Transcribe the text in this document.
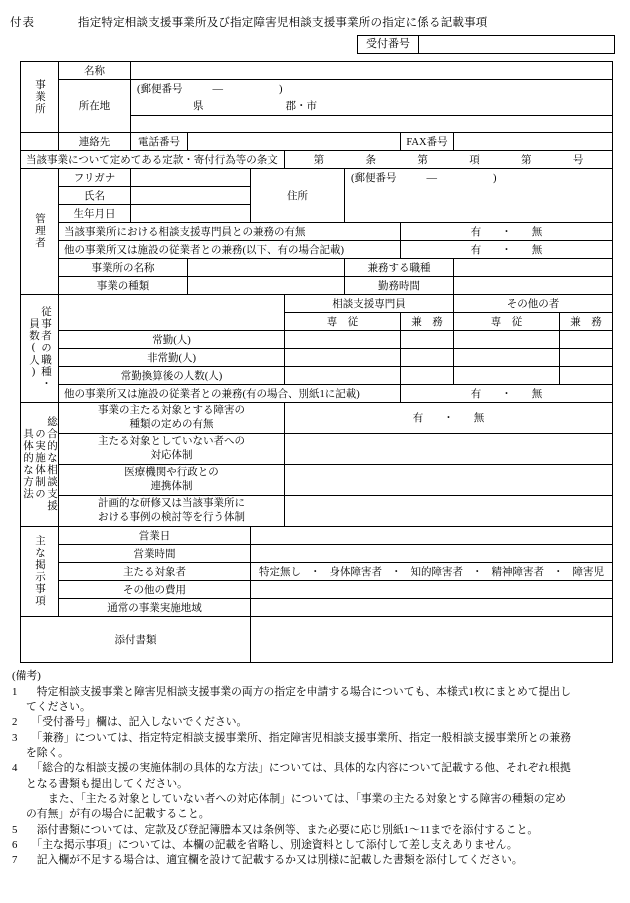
付表	指定特定相談支援事業所及び指定障害児相談支援事業所の指定に係る記載事項
受付番号
事業所	名称								
	所在地	(郵便番号 — )							

		県 郡・市							

	連絡先	電話番号					FAX番号		
当該事業について定めてある定款・寄付行為等の条文	第	条	第	項	第	号

管理者	フリガナ			住所		(郵便番号 — )			

	氏名								
	生年月日								
	当該事業所における相談支援専門員との兼務の有無						有 ・ 無		

	他の事業所又は施設の従業者との兼務(以下、有の場合記載)						有 ・ 無		

	事業所の名称					兼務する職種			
	事業の種類					勤務時間			

従事者の職種・
員数(人)					相談支援専門員			その他の者	
					専　従		兼　務	専　従	兼　務
	常勤(人)								
	非常勤(人)								
	常勤換算後の人数(人)								
	他の事業所又は施設の従業者との兼務(有の場合、別紙1に記載)						有 ・ 無		

総合的な相談支援
の実施体制の
具体的な方法

事業の主たる対象とする障害の
種類の定めの有無	有 ・ 無

	主たる対象としていない者への
対応体制								

	医療機関や行政との
連携体制								

	計画的な研修又は当該事業所に
おける事例の検討等を行う体制								

主な掲示事項	営業日								
	営業時間								
主たる対象者	特定無し ・ 身体障害者 ・ 知的障害者 ・ 精神障害者 ・ 障害児

	その他の費用								
	通常の事業実施地域								
添付書類									
(備考)
1 　特定相談支援事業と障害児相談支援事業の両方の指定を申請する場合についても、本様式1枚にまとめて提出し
てください。
2 　「受付番号」欄は、記入しないでください。
3 　「兼務」については、指定特定相談支援事業所、指定障害児相談支援事業所、指定一般相談支援事業所との兼務
を除く。
4 　「総合的な相談支援の実施体制の具体的な方法」については、具体的な内容について記載する他、それぞれ根拠
となる書類も提出してください。
また、「主たる対象としていない者への対応体制」については、「事業の主たる対象とする障害の種類の定め
の有無」が有の場合に記載すること。
5 　添付書類については、定款及び登記簿謄本又は条例等、また必要に応じ別紙1～11までを添付すること。
6 　「主な掲示事項」については、本欄の記載を省略し、別途資料として添付して差し支えありません。
7 　記入欄が不足する場合は、適宜欄を設けて記載するか又は別様に記載した書類を添付してください。
